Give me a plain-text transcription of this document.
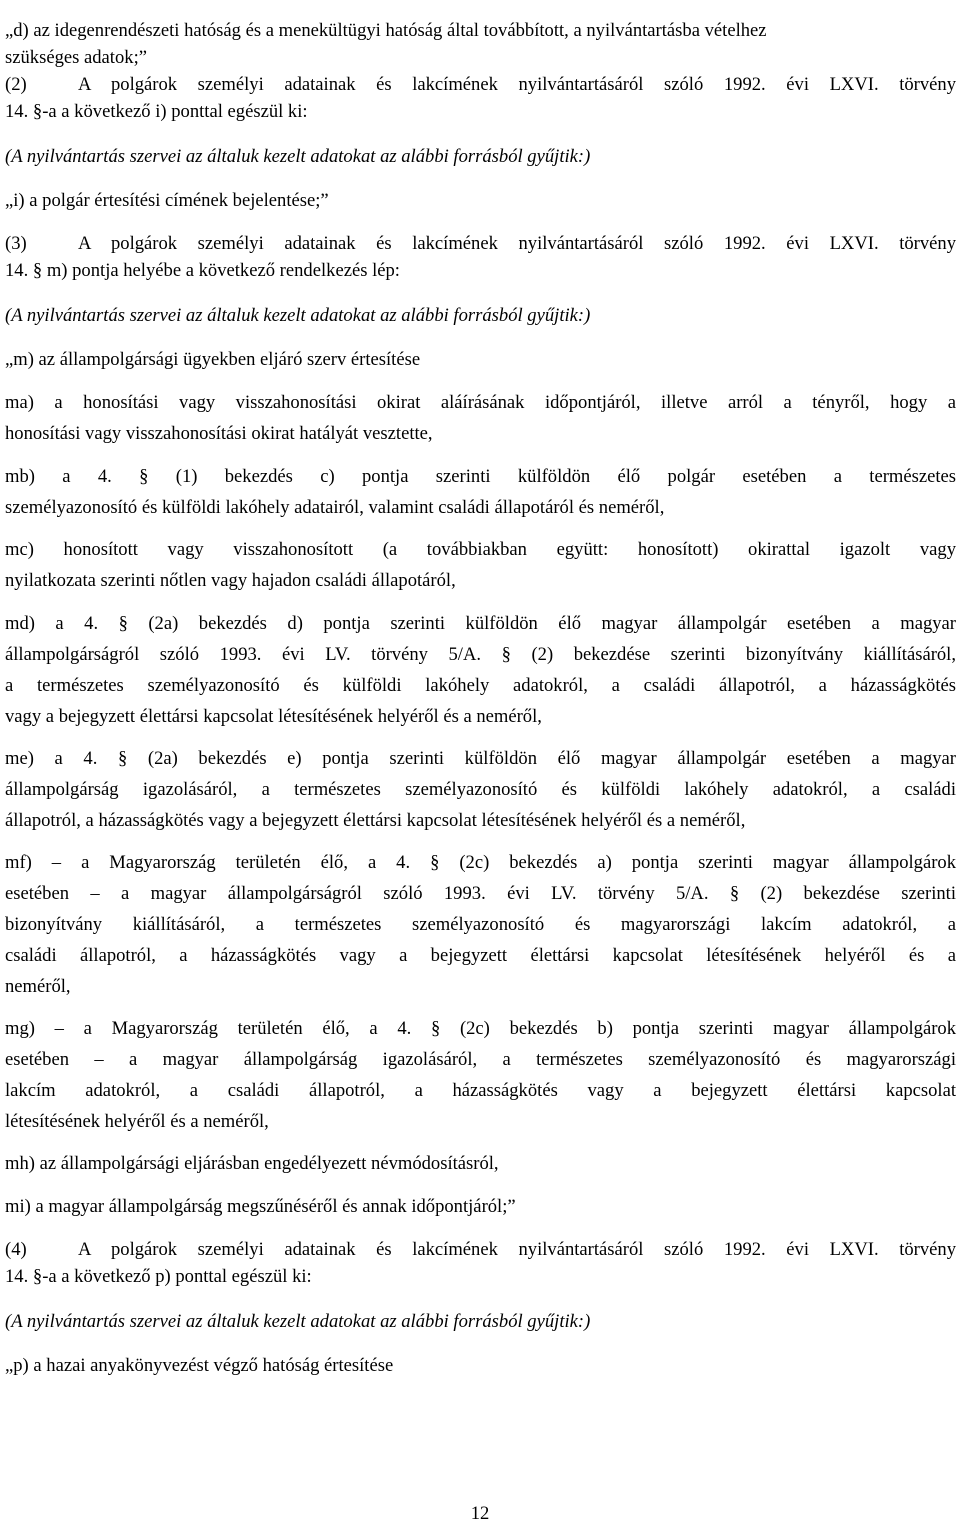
„d) az idegenrendészeti hatóság és a menekültügyi hatóság által továbbított, a nyilvántartásba vételhez
szükséges adatok;”
(2)	A polgárok személyi adatainak és lakcímének nyilvántartásáról szóló 1992. évi LXVI. törvény
14. §-a a következő i) ponttal egészül ki:
(A nyilvántartás szervei az általuk kezelt adatokat az alábbi forrásból gyűjtik:)
„i) a polgár értesítési címének bejelentése;”
(3)	A polgárok személyi adatainak és lakcímének nyilvántartásáról szóló 1992. évi LXVI. törvény
14. § m) pontja helyébe a következő rendelkezés lép:
(A nyilvántartás szervei az általuk kezelt adatokat az alábbi forrásból gyűjtik:)
„m) az állampolgársági ügyekben eljáró szerv értesítése
ma) a honosítási vagy visszahonosítási okirat aláírásának időpontjáról, illetve arról a tényről, hogy a
honosítási vagy visszahonosítási okirat hatályát vesztette,
mb) a 4. § (1) bekezdés c) pontja szerinti külföldön élő polgár esetében a természetes
személyazonosító és külföldi lakóhely adatairól, valamint családi állapotáról és neméről,
mc) honosított vagy visszahonosított (a továbbiakban együtt: honosított) okirattal igazolt vagy
nyilatkozata szerinti nőtlen vagy hajadon családi állapotáról,
md) a 4. § (2a) bekezdés d) pontja szerinti külföldön élő magyar állampolgár esetében a magyar
állampolgárságról szóló 1993. évi LV. törvény 5/A. § (2) bekezdése szerinti bizonyítvány kiállításáról,
a természetes személyazonosító és külföldi lakóhely adatokról, a családi állapotról, a házasságkötés
vagy a bejegyzett élettársi kapcsolat létesítésének helyéről és a neméről,
me) a 4. § (2a) bekezdés e) pontja szerinti külföldön élő magyar állampolgár esetében a magyar
állampolgárság igazolásáról, a természetes személyazonosító és külföldi lakóhely adatokról, a családi
állapotról, a házasságkötés vagy a bejegyzett élettársi kapcsolat létesítésének helyéről és a neméről,
mf) – a Magyarország területén élő, a 4. § (2c) bekezdés a) pontja szerinti magyar állampolgárok
esetében – a magyar állampolgárságról szóló 1993. évi LV. törvény 5/A. § (2) bekezdése szerinti
bizonyítvány kiállításáról, a természetes személyazonosító és magyarországi lakcím adatokról, a
családi állapotról, a házasságkötés vagy a bejegyzett élettársi kapcsolat létesítésének helyéről és a
neméről,
mg) – a Magyarország területén élő, a 4. § (2c) bekezdés b) pontja szerinti magyar állampolgárok
esetében – a magyar állampolgárság igazolásáról, a természetes személyazonosító és magyarországi
lakcím adatokról, a családi állapotról, a házasságkötés vagy a bejegyzett élettársi kapcsolat
létesítésének helyéről és a neméről,
mh) az állampolgársági eljárásban engedélyezett névmódosításról,
mi) a magyar állampolgárság megszűnéséről és annak időpontjáról;”
(4)	A polgárok személyi adatainak és lakcímének nyilvántartásáról szóló 1992. évi LXVI. törvény
14. §-a a következő p) ponttal egészül ki:
(A nyilvántartás szervei az általuk kezelt adatokat az alábbi forrásból gyűjtik:)
„p) a hazai anyakönyvezést végző hatóság értesítése
12
